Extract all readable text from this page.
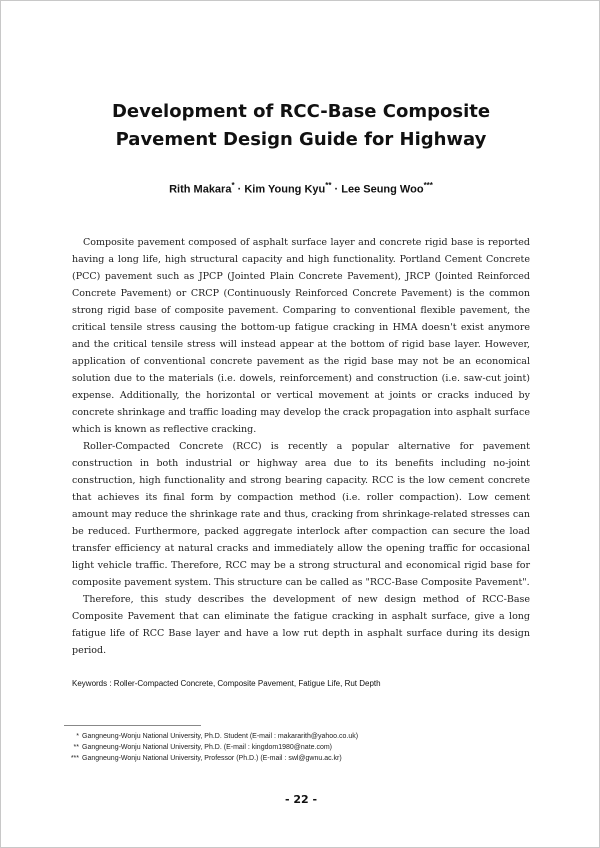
Development of RCC-Base Composite
Pavement Design Guide for Highway
Rith Makara* · Kim Young Kyu** · Lee Seung Woo***

Composite pavement composed of asphalt surface layer and concrete rigid base is reported having a long life, high structural capacity and high functionality. Portland Cement Concrete (PCC) pavement such as JPCP (Jointed Plain Concrete Pavement), JRCP (Jointed Reinforced Concrete Pavement) or CRCP (Continuously Reinforced Concrete Pavement) is the common strong rigid base of composite pavement. Comparing to conventional flexible pavement, the critical tensile stress causing the bottom-up fatigue cracking in HMA doesn't exist anymore and the critical tensile stress will instead appear at the bottom of rigid base layer. However, application of conventional concrete pavement as the rigid base may not be an economical solution due to the materials (i.e. dowels, reinforcement) and construction (i.e. saw-cut joint) expense. Additionally, the horizontal or vertical movement at joints or cracks induced by concrete shrinkage and traffic loading may develop the crack propagation into asphalt surface which is known as reflective cracking.

Roller-Compacted Concrete (RCC) is recently a popular alternative for pavement construction in both industrial or highway area due to its benefits including no-joint construction, high functionality and strong bearing capacity. RCC is the low cement concrete that achieves its final form by compaction method (i.e. roller compaction). Low cement amount may reduce the shrinkage rate and thus, cracking from shrinkage-related stresses can be reduced. Furthermore, packed aggregate interlock after compaction can secure the load transfer efficiency at natural cracks and immediately allow the opening traffic for occasional light vehicle traffic. Therefore, RCC may be a strong structural and economical rigid base for composite pavement system. This structure can be called as "RCC-Base Composite Pavement".

Therefore, this study describes the development of new design method of RCC-Base Composite Pavement that can eliminate the fatigue cracking in asphalt surface, give a long fatigue life of RCC Base layer and have a low rut depth in asphalt surface during its design period.

Keywords : Roller-Compacted Concrete, Composite Pavement, Fatigue Life, Rut Depth
* Gangneung-Wonju National University, Ph.D. Student (E-mail : makararith@yahoo.co.uk)
** Gangneung-Wonju National University, Ph.D. (E-mail : kingdom1980@nate.com)
*** Gangneung-Wonju National University, Professor (Ph.D.) (E-mail : swl@gwnu.ac.kr)
- 22 -
